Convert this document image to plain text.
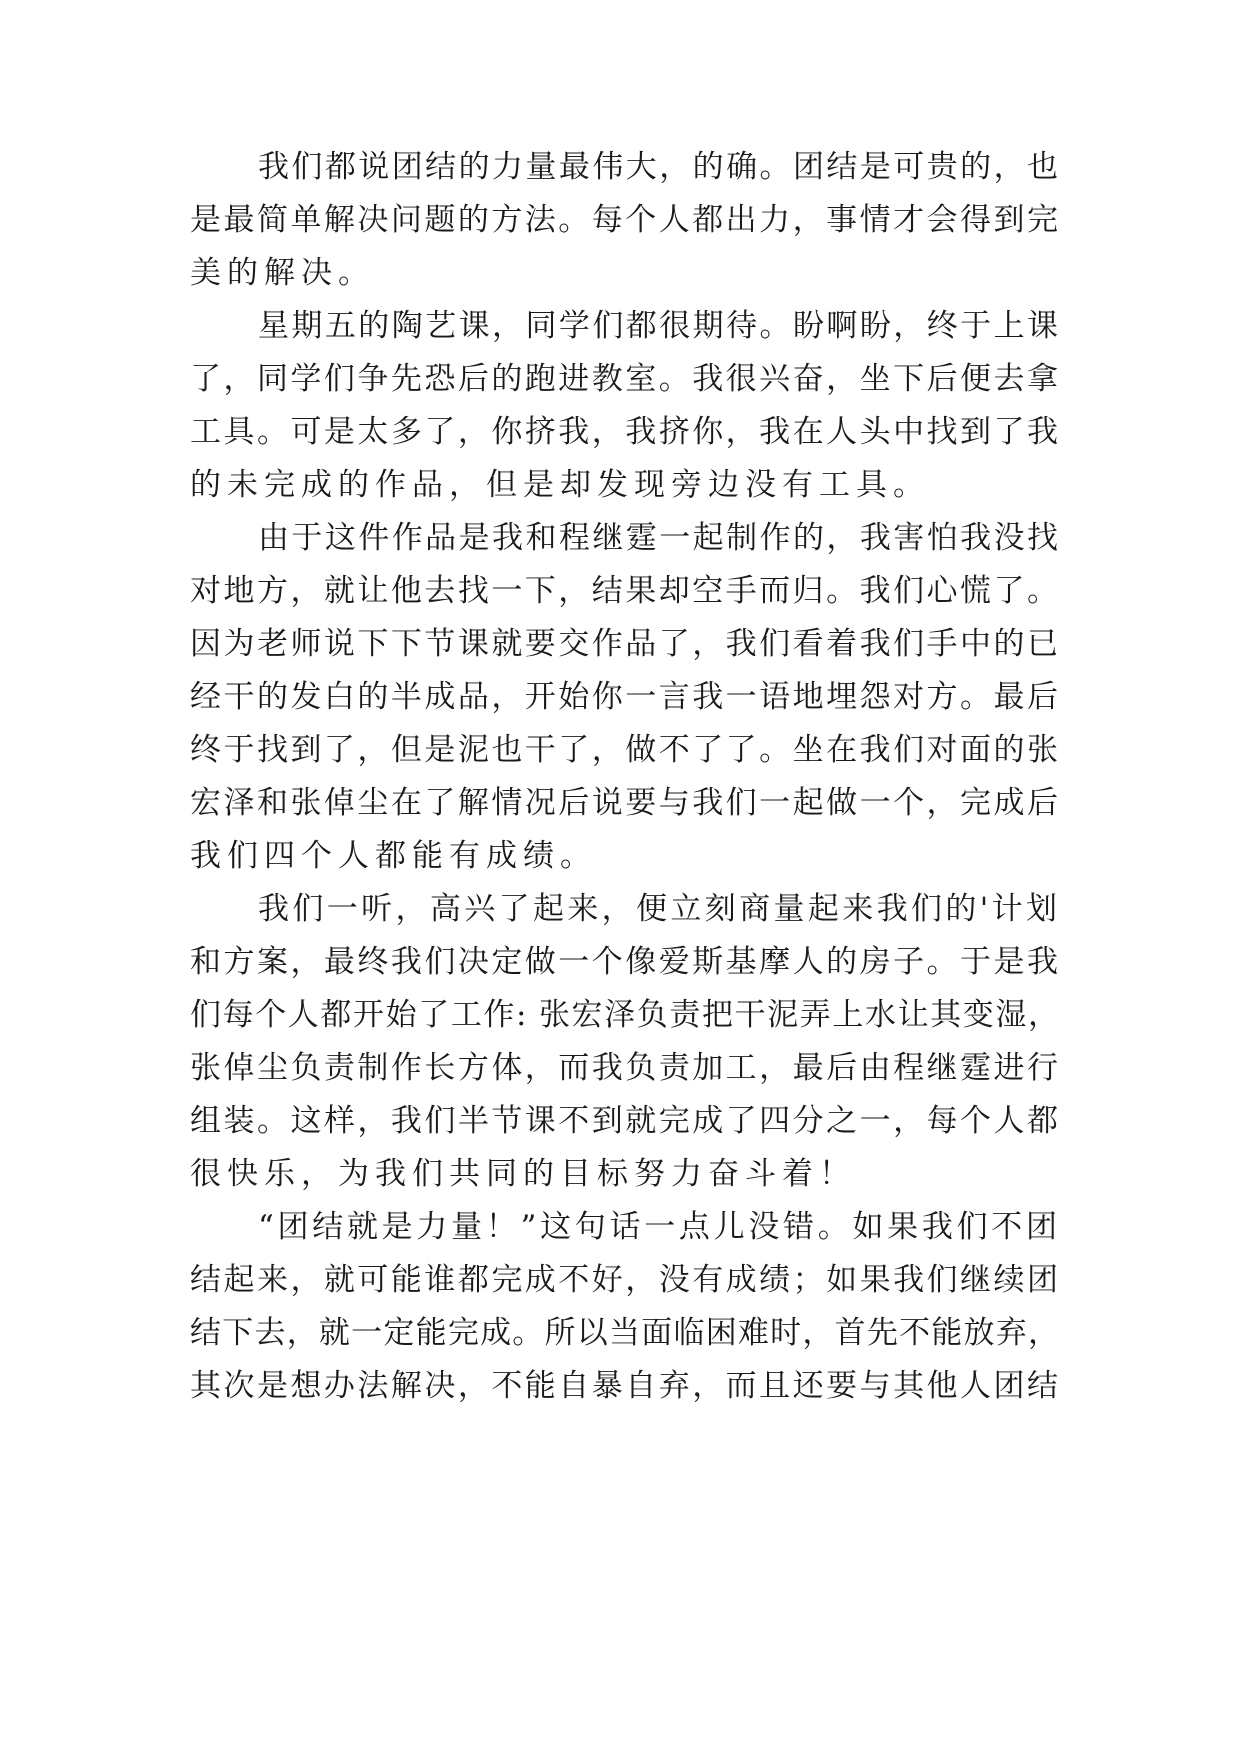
我们都说团结的力量最伟大，的确。团结是可贵的，也
是最简单解决问题的方法。每个人都出力，事情才会得到完
美的解决。
星期五的陶艺课，同学们都很期待。盼啊盼，终于上课
了，同学们争先恐后的跑进教室。我很兴奋，坐下后便去拿
工具。可是太多了，你挤我，我挤你，我在人头中找到了我
的未完成的作品，但是却发现旁边没有工具。
由于这件作品是我和程继霆一起制作的，我害怕我没找
对地方，就让他去找一下，结果却空手而归。我们心慌了。
因为老师说下下节课就要交作品了，我们看着我们手中的已
经干的发白的半成品，开始你一言我一语地埋怨对方。最后
终于找到了，但是泥也干了，做不了了。坐在我们对面的张
宏泽和张倬尘在了解情况后说要与我们一起做一个，完成后
我们四个人都能有成绩。
我们一听，高兴了起来，便立刻商量起来我们的'计划
和方案，最终我们决定做一个像爱斯基摩人的房子。于是我
们每个人都开始了工作: 张宏泽负责把干泥弄上水让其变湿，
张倬尘负责制作长方体，而我负责加工，最后由程继霆进行
组装。这样，我们半节课不到就完成了四分之一，每个人都
很快乐，为我们共同的目标努力奋斗着！
“团结就是力量！”这句话一点儿没错。如果我们不团
结起来，就可能谁都完成不好，没有成绩；如果我们继续团
结下去，就一定能完成。所以当面临困难时，首先不能放弃，
其次是想办法解决，不能自暴自弃，而且还要与其他人团结
